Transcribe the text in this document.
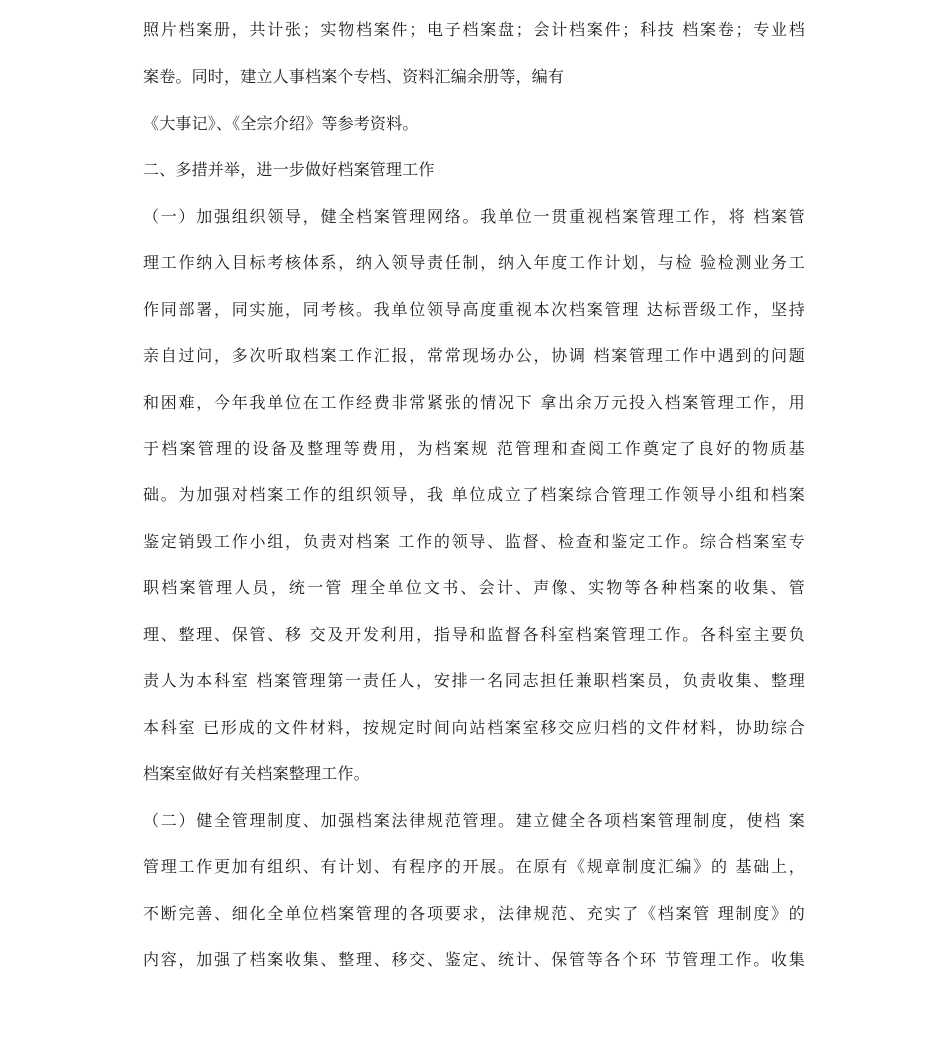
照片档案册，共计张；实物档案件；电子档案盘；会计档案件；科技 档案卷；专业档
案卷。同时，建立人事档案个专档、资料汇编余册等，编有
《大事记》、《全宗介绍》等参考资料。
二、多措并举，进一步做好档案管理工作
（一）加强组织领导，健全档案管理网络。我单位一贯重视档案管理工作，将 档案管
理工作纳入目标考核体系，纳入领导责任制，纳入年度工作计划，与检 验检测业务工
作同部署，同实施，同考核。我单位领导高度重视本次档案管理 达标晋级工作，坚持
亲自过问，多次听取档案工作汇报，常常现场办公，协调 档案管理工作中遇到的问题
和困难，今年我单位在工作经费非常紧张的情况下 拿出余万元投入档案管理工作，用
于档案管理的设备及整理等费用，为档案规 范管理和查阅工作奠定了良好的物质基
础。为加强对档案工作的组织领导，我 单位成立了档案综合管理工作领导小组和档案
鉴定销毁工作小组，负责对档案 工作的领导、监督、检查和鉴定工作。综合档案室专
职档案管理人员，统一管 理全单位文书、会计、声像、实物等各种档案的收集、管
理、整理、保管、移 交及开发利用，指导和监督各科室档案管理工作。各科室主要负
责人为本科室 档案管理第一责任人，安排一名同志担任兼职档案员，负责收集、整理
本科室 已形成的文件材料，按规定时间向站档案室移交应归档的文件材料，协助综合
档案室做好有关档案整理工作。
（二）健全管理制度、加强档案法律规范管理。建立健全各项档案管理制度，使档 案
管理工作更加有组织、有计划、有程序的开展。在原有《规章制度汇编》的 基础上，
不断完善、细化全单位档案管理的各项要求，法律规范、充实了《档案管 理制度》的
内容，加强了档案收集、整理、移交、鉴定、统计、保管等各个环 节管理工作。收集
